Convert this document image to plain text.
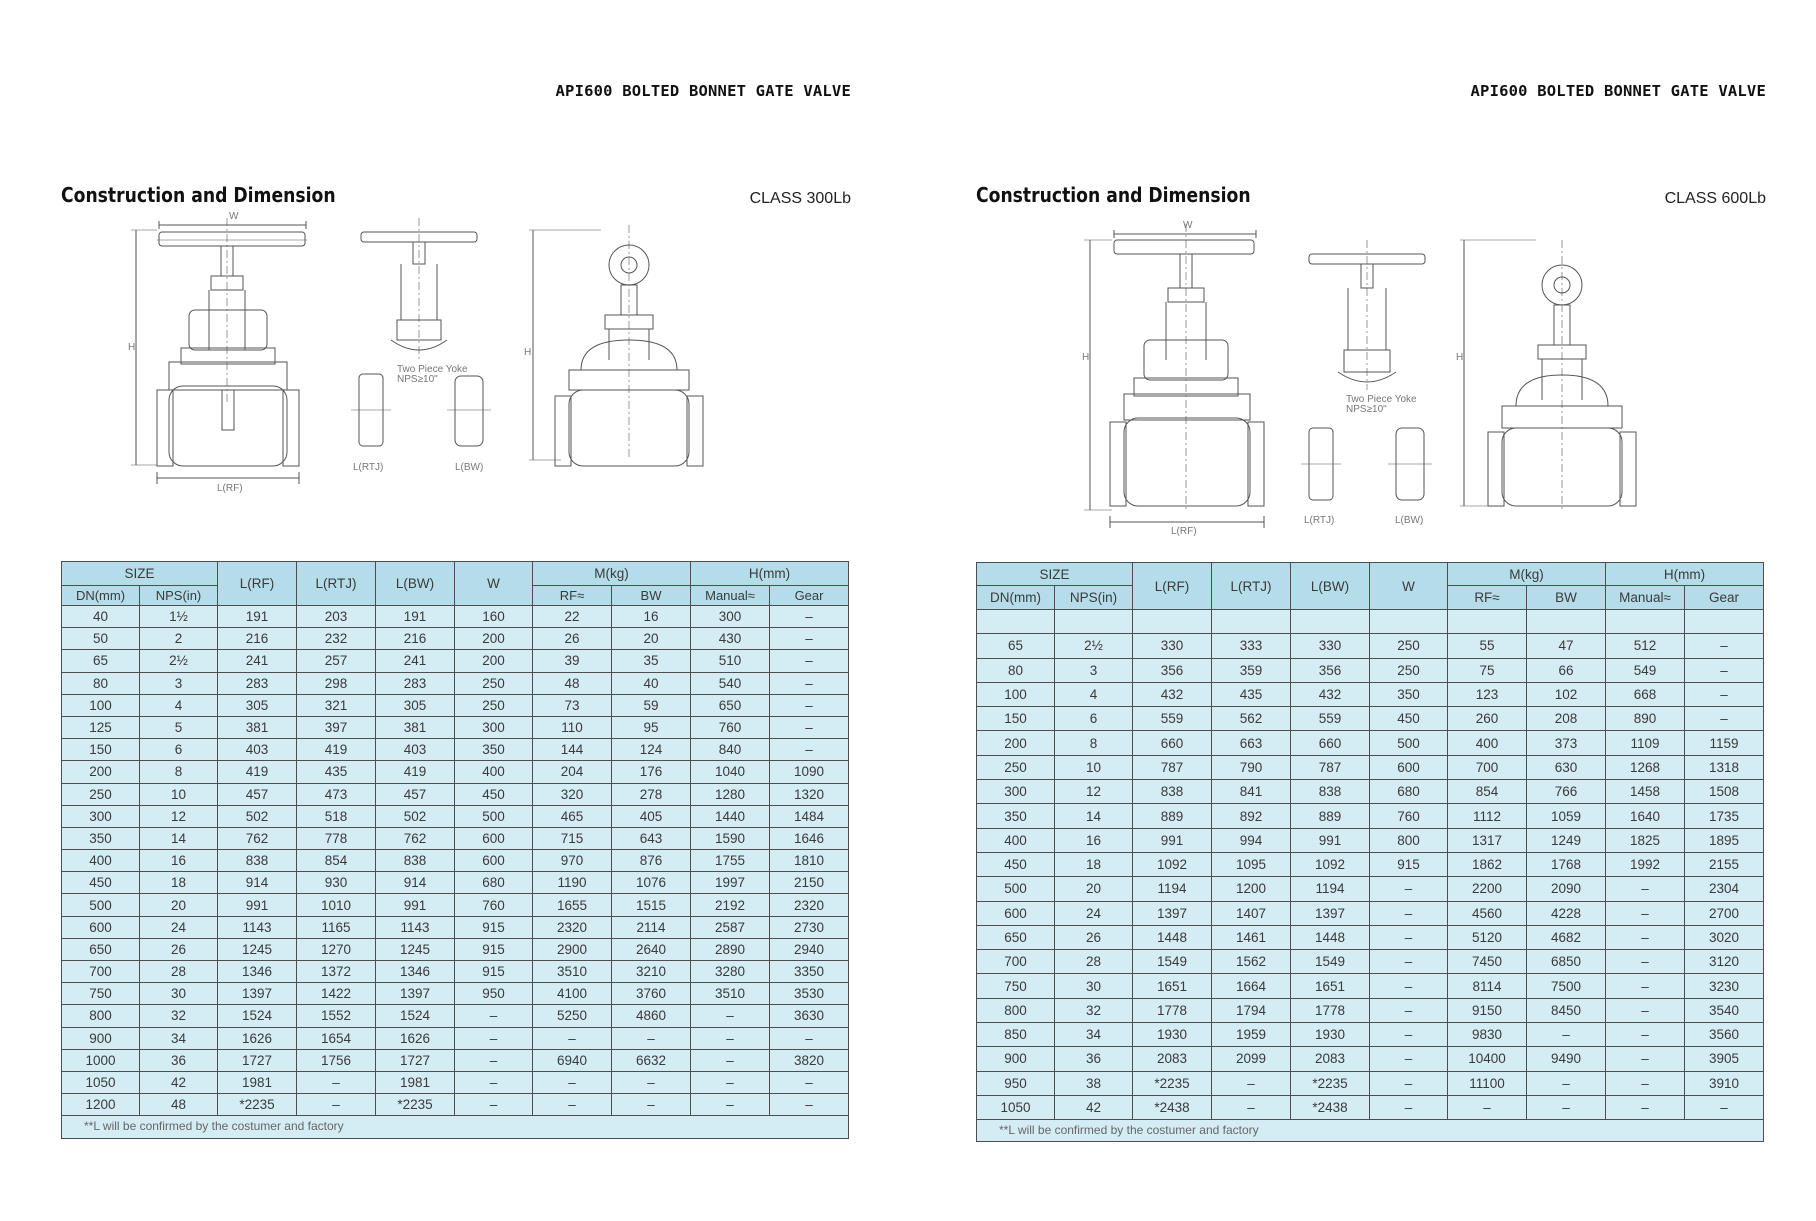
API600 BOLTED BONNET GATE VALVE
Construction and Dimension	CLASS 300Lb
W
H
L(RF)
Two Piece Yoke
NPS≥10"
L(RTJ)	L(BW)
H
SIZE		L(RF)	L(RTJ)	L(BW)	W	M(kg)		H(mm)	
DN(mm)	NPS(in)					RF≈	BW	Manual≈	Gear
40	1½	191	203	191	160	22	16	300	–
50	2	216	232	216	200	26	20	430	–
65	2½	241	257	241	200	39	35	510	–
80	3	283	298	283	250	48	40	540	–
100	4	305	321	305	250	73	59	650	–
125	5	381	397	381	300	110	95	760	–
150	6	403	419	403	350	144	124	840	–
200	8	419	435	419	400	204	176	1040	1090
250	10	457	473	457	450	320	278	1280	1320
300	12	502	518	502	500	465	405	1440	1484
350	14	762	778	762	600	715	643	1590	1646
400	16	838	854	838	600	970	876	1755	1810
450	18	914	930	914	680	1190	1076	1997	2150
500	20	991	1010	991	760	1655	1515	2192	2320
600	24	1143	1165	1143	915	2320	2114	2587	2730
650	26	1245	1270	1245	915	2900	2640	2890	2940
700	28	1346	1372	1346	915	3510	3210	3280	3350
750	30	1397	1422	1397	950	4100	3760	3510	3530
800	32	1524	1552	1524	–	5250	4860	–	3630
900	34	1626	1654	1626	–	–	–	–	–
1000	36	1727	1756	1727	–	6940	6632	–	3820
1050	42	1981	–	1981	–	–	–	–	–
1200	48	*2235	–	*2235	–	–	–	–	–
**L will be confirmed by the costumer and factory									
API600 BOLTED BONNET GATE VALVE
Construction and Dimension	CLASS 600Lb
W
H
L(RF)
Two Piece Yoke
NPS≥10"
L(RTJ)	L(BW)
H
SIZE		L(RF)	L(RTJ)	L(BW)	W	M(kg)		H(mm)	
DN(mm)	NPS(in)					RF≈	BW	Manual≈	Gear

65	2½	330	333	330	250	55	47	512	–
80	3	356	359	356	250	75	66	549	–
100	4	432	435	432	350	123	102	668	–
150	6	559	562	559	450	260	208	890	–
200	8	660	663	660	500	400	373	1109	1159
250	10	787	790	787	600	700	630	1268	1318
300	12	838	841	838	680	854	766	1458	1508
350	14	889	892	889	760	1112	1059	1640	1735
400	16	991	994	991	800	1317	1249	1825	1895
450	18	1092	1095	1092	915	1862	1768	1992	2155
500	20	1194	1200	1194	–	2200	2090	–	2304
600	24	1397	1407	1397	–	4560	4228	–	2700
650	26	1448	1461	1448	–	5120	4682	–	3020
700	28	1549	1562	1549	–	7450	6850	–	3120
750	30	1651	1664	1651	–	8114	7500	–	3230
800	32	1778	1794	1778	–	9150	8450	–	3540
850	34	1930	1959	1930	–	9830	–	–	3560
900	36	2083	2099	2083	–	10400	9490	–	3905
950	38	*2235	–	*2235	–	11100	–	–	3910
1050	42	*2438	–	*2438	–	–	–	–	–
**L will be confirmed by the costumer and factory									
